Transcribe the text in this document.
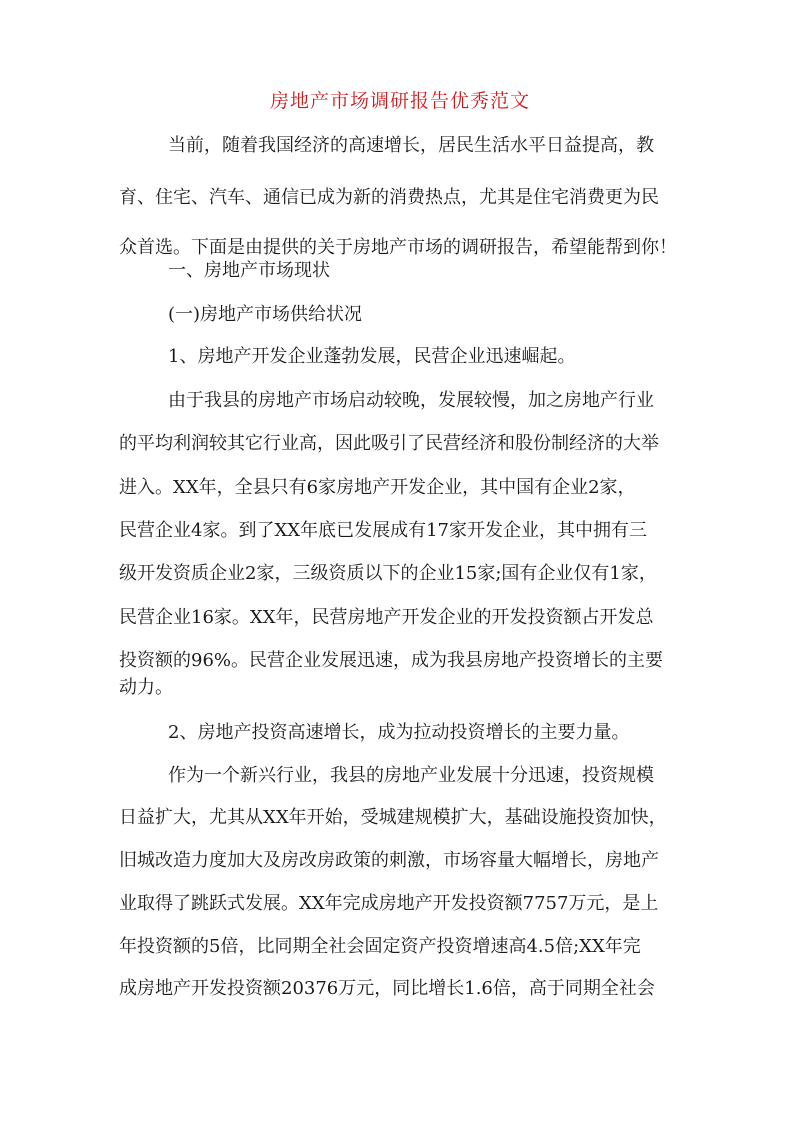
房地产市场调研报告优秀范文
当前，随着我国经济的高速增长，居民生活水平日益提高，教
育、住宅、汽车、通信已成为新的消费热点，尤其是住宅消费更为民
众首选。下面是由提供的关于房地产市场的调研报告，希望能帮到你！
一、房地产市场现状
(一)房地产市场供给状况
1、房地产开发企业蓬勃发展，民营企业迅速崛起。
由于我县的房地产市场启动较晚，发展较慢，加之房地产行业
的平均利润较其它行业高，因此吸引了民营经济和股份制经济的大举
进入。XX年，全县只有6家房地产开发企业，其中国有企业2家，
民营企业4家。到了XX年底已发展成有17家开发企业，其中拥有三
级开发资质企业2家，三级资质以下的企业15家;国有企业仅有1家，
民营企业16家。XX年，民营房地产开发企业的开发投资额占开发总
投资额的96%。民营企业发展迅速，成为我县房地产投资增长的主要
动力。
2、房地产投资高速增长，成为拉动投资增长的主要力量。
作为一个新兴行业，我县的房地产业发展十分迅速，投资规模
日益扩大，尤其从XX年开始，受城建规模扩大，基础设施投资加快，
旧城改造力度加大及房改房政策的刺激，市场容量大幅增长，房地产
业取得了跳跃式发展。XX年完成房地产开发投资额7757万元，是上
年投资额的5倍，比同期全社会固定资产投资增速高4.5倍;XX年完
成房地产开发投资额20376万元，同比增长1.6倍，高于同期全社会
